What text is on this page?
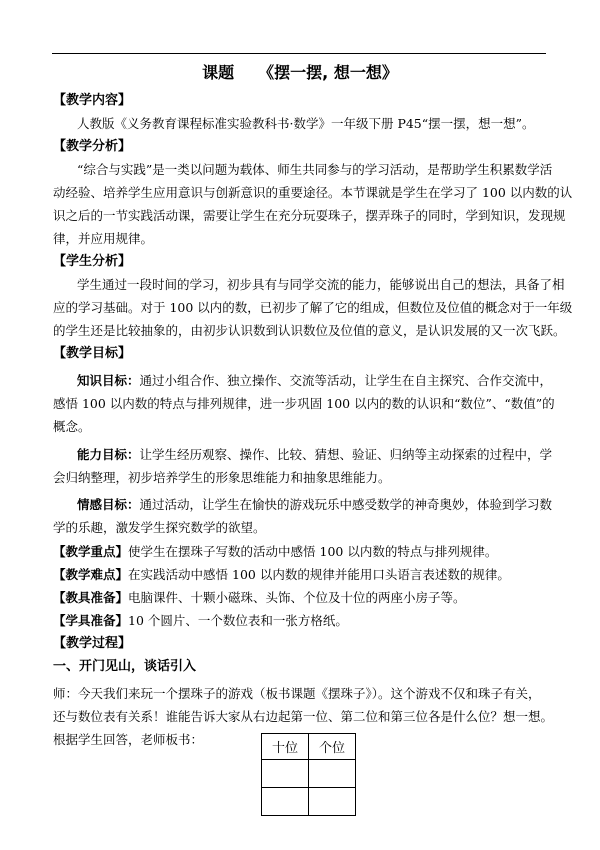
课题　　《摆一摆, 想一想》
【教学内容】
人教版《义务教育课程标准实验教科书·数学》一年级下册 P45“摆一摆，想一想”。
【教学分析】
“综合与实践”是一类以问题为载体、师生共同参与的学习活动，是帮助学生积累数学活
动经验、培养学生应用意识与创新意识的重要途径。本节课就是学生在学习了 100 以内数的认
识之后的一节实践活动课，需要让学生在充分玩耍珠子，摆弄珠子的同时，学到知识，发现规
律，并应用规律。
【学生分析】
学生通过一段时间的学习，初步具有与同学交流的能力，能够说出自己的想法，具备了相
应的学习基础。对于 100 以内的数，已初步了解了它的组成，但数位及位值的概念对于一年级
的学生还是比较抽象的，由初步认识数到认识数位及位值的意义，是认识发展的又一次飞跃。
【教学目标】
知识目标：通过小组合作、独立操作、交流等活动，让学生在自主探究、合作交流中，
感悟 100 以内数的特点与排列规律，进一步巩固 100 以内的数的认识和“数位”、“数值”的
概念。
能力目标：让学生经历观察、操作、比较、猜想、验证、归纳等主动探索的过程中，学
会归纳整理，初步培养学生的形象思维能力和抽象思维能力。
情感目标：通过活动，让学生在愉快的游戏玩乐中感受数学的神奇奥妙，体验到学习数
学的乐趣，激发学生探究数学的欲望。
【教学重点】使学生在摆珠子写数的活动中感悟 100 以内数的特点与排列规律。
【教学难点】在实践活动中感悟 100 以内数的规律并能用口头语言表述数的规律。
【教具准备】电脑课件、十颗小磁珠、头饰、个位及十位的两座小房子等。
【学具准备】10 个圆片、一个数位表和一张方格纸。
【教学过程】
一、开门见山，谈话引入
师：今天我们来玩一个摆珠子的游戏（板书课题《摆珠子》）。这个游戏不仅和珠子有关，
还与数位表有关系！谁能告诉大家从右边起第一位、第二位和第三位各是什么位？想一想。
根据学生回答，老师板书：
十位	个位
